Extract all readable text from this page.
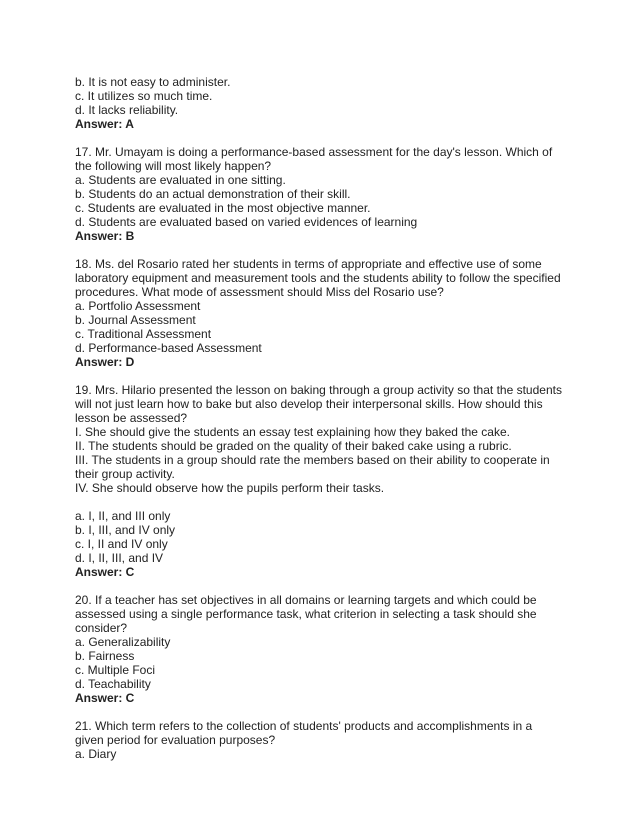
b. It is not easy to administer.
c. It utilizes so much time.
d. It lacks reliability.
Answer: A
17. Mr. Umayam is doing a performance-based assessment for the day's lesson. Which of
the following will most likely happen?
a. Students are evaluated in one sitting.
b. Students do an actual demonstration of their skill.
c. Students are evaluated in the most objective manner.
d. Students are evaluated based on varied evidences of learning
Answer: B
18. Ms. del Rosario rated her students in terms of appropriate and effective use of some
laboratory equipment and measurement tools and the students ability to follow the specified
procedures. What mode of assessment should Miss del Rosario use?
a. Portfolio Assessment
b. Journal Assessment
c. Traditional Assessment
d. Performance-based Assessment
Answer: D
19. Mrs. Hilario presented the lesson on baking through a group activity so that the students
will not just learn how to bake but also develop their interpersonal skills. How should this
lesson be assessed?
I. She should give the students an essay test explaining how they baked the cake.
II. The students should be graded on the quality of their baked cake using a rubric.
III. The students in a group should rate the members based on their ability to cooperate in
their group activity.
IV. She should observe how the pupils perform their tasks.
a. I, II, and III only
b. I, III, and IV only
c. I, II and IV only
d. I, II, III, and IV
Answer: C
20. If a teacher has set objectives in all domains or learning targets and which could be
assessed using a single performance task, what criterion in selecting a task should she
consider?
a. Generalizability
b. Fairness
c. Multiple Foci
d. Teachability
Answer: C
21. Which term refers to the collection of students' products and accomplishments in a
given period for evaluation purposes?
a. Diary
